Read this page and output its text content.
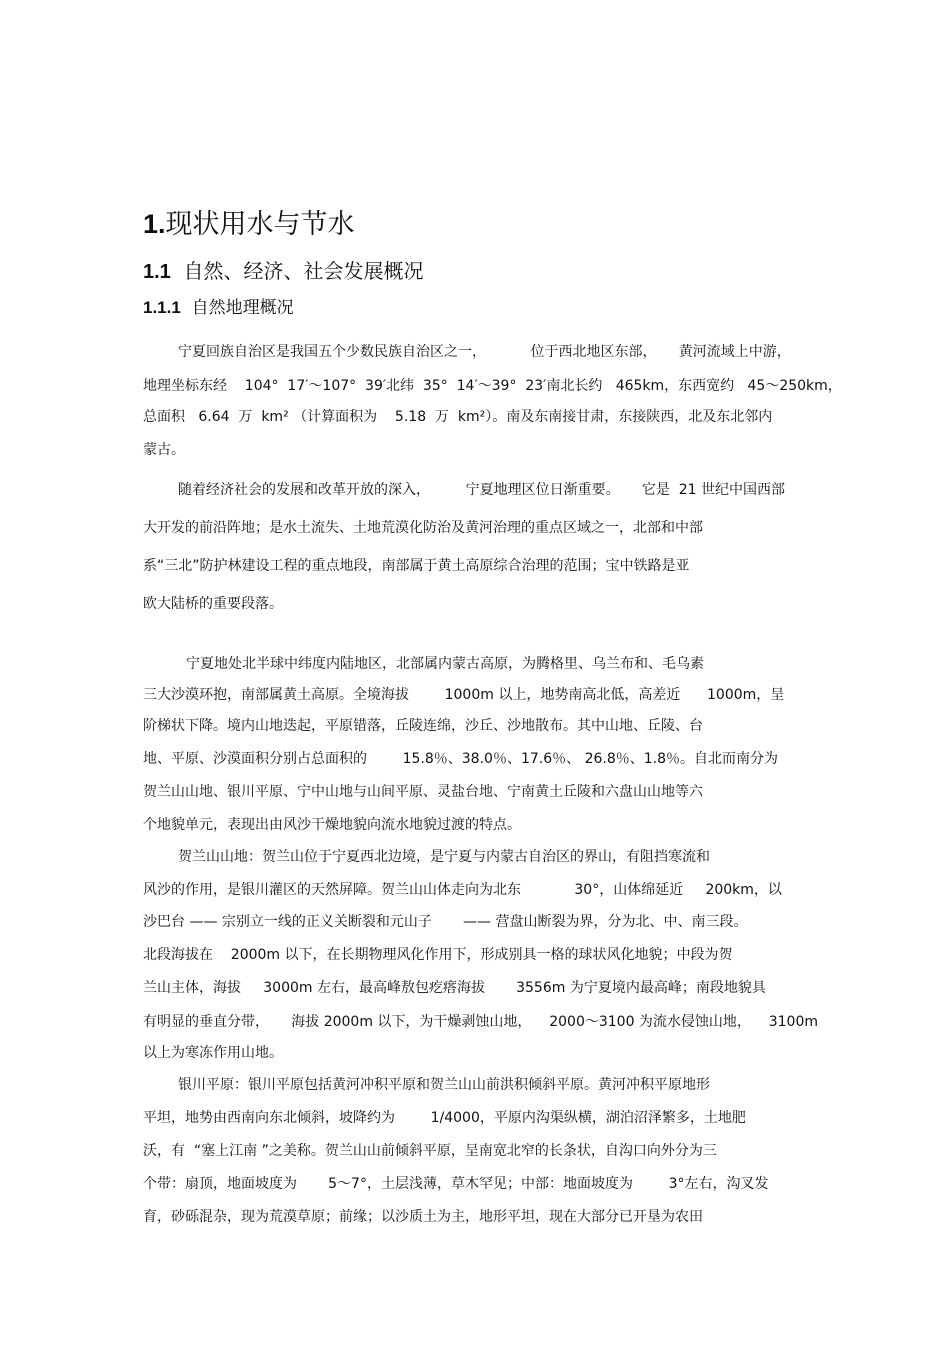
1.现状用水与节水
1.1 自然、经济、社会发展概况
1.1.1 自然地理概况
宁夏回族自治区是我国五个少数民族自治区之一，          位于西北地区东部，     黄河流域上中游，
地理坐标东经    104°  17′～107°  39′北纬  35°  14′～39°  23′南北长约   465km，东西宽约   45～250km，
总面积   6.64  万  km² （计算面积为    5.18  万  km²）。南及东南接甘肃，东接陕西，北及东北邻内
蒙古。
随着经济社会的发展和改革开放的深入，        宁夏地理区位日渐重要。     它是  21 世纪中国西部
大开发的前沿阵地；是水土流失、土地荒漠化防治及黄河治理的重点区域之一，北部和中部
系“三北”防护林建设工程的重点地段，南部属于黄土高原综合治理的范围；宝中铁路是亚
欧大陆桥的重要段落。
宁夏地处北半球中纬度内陆地区，北部属内蒙古高原，为腾格里、乌兰布和、毛乌素
三大沙漠环抱，南部属黄土高原。全境海拔        1000m 以上，地势南高北低，高差近      1000m，呈
阶梯状下降。境内山地迭起，平原错落，丘陵连绵，沙丘、沙地散布。其中山地、丘陵、台
地、平原、沙漠面积分别占总面积的        15.8％、38.0％、17.6％、 26.8％、1.8％。自北而南分为
贺兰山山地、银川平原、宁中山地与山间平原、灵盐台地、宁南黄土丘陵和六盘山山地等六
个地貌单元，表现出由风沙干燥地貌向流水地貌过渡的特点。
贺兰山山地：贺兰山位于宁夏西北边境，是宁夏与内蒙古自治区的界山，有阻挡寒流和
风沙的作用，是银川灌区的天然屏障。贺兰山山体走向为北东            30°，山体绵延近     200km，以
沙巴台 —— 宗别立一线的正义关断裂和元山子       —— 营盘山断裂为界，分为北、中、南三段。
北段海拔在    2000m 以下，在长期物理风化作用下，形成别具一格的球状风化地貌；中段为贺
兰山主体，海拔     3000m 左右，最高峰敖包疙瘩海拔       3556m 为宁夏境内最高峰；南段地貌具
有明显的垂直分带，     海拔 2000m 以下，为干燥剥蚀山地，    2000～3100 为流水侵蚀山地，    3100m
以上为寒冻作用山地。
银川平原：银川平原包括黄河冲积平原和贺兰山山前洪积倾斜平原。黄河冲积平原地形
平坦，地势由西南向东北倾斜，坡降约为        1/4000，平原内沟渠纵横，湖泊沼泽繁多，土地肥
沃，有  “塞上江南 ”之美称。贺兰山山前倾斜平原，呈南宽北窄的长条状，自沟口向外分为三
个带：扇顶，地面坡度为       5～7°，土层浅薄，草木罕见；中部：地面坡度为        3°左右，沟叉发
育，砂砾混杂，现为荒漠草原；前缘；以沙质土为主，地形平坦，现在大部分已开垦为农田
